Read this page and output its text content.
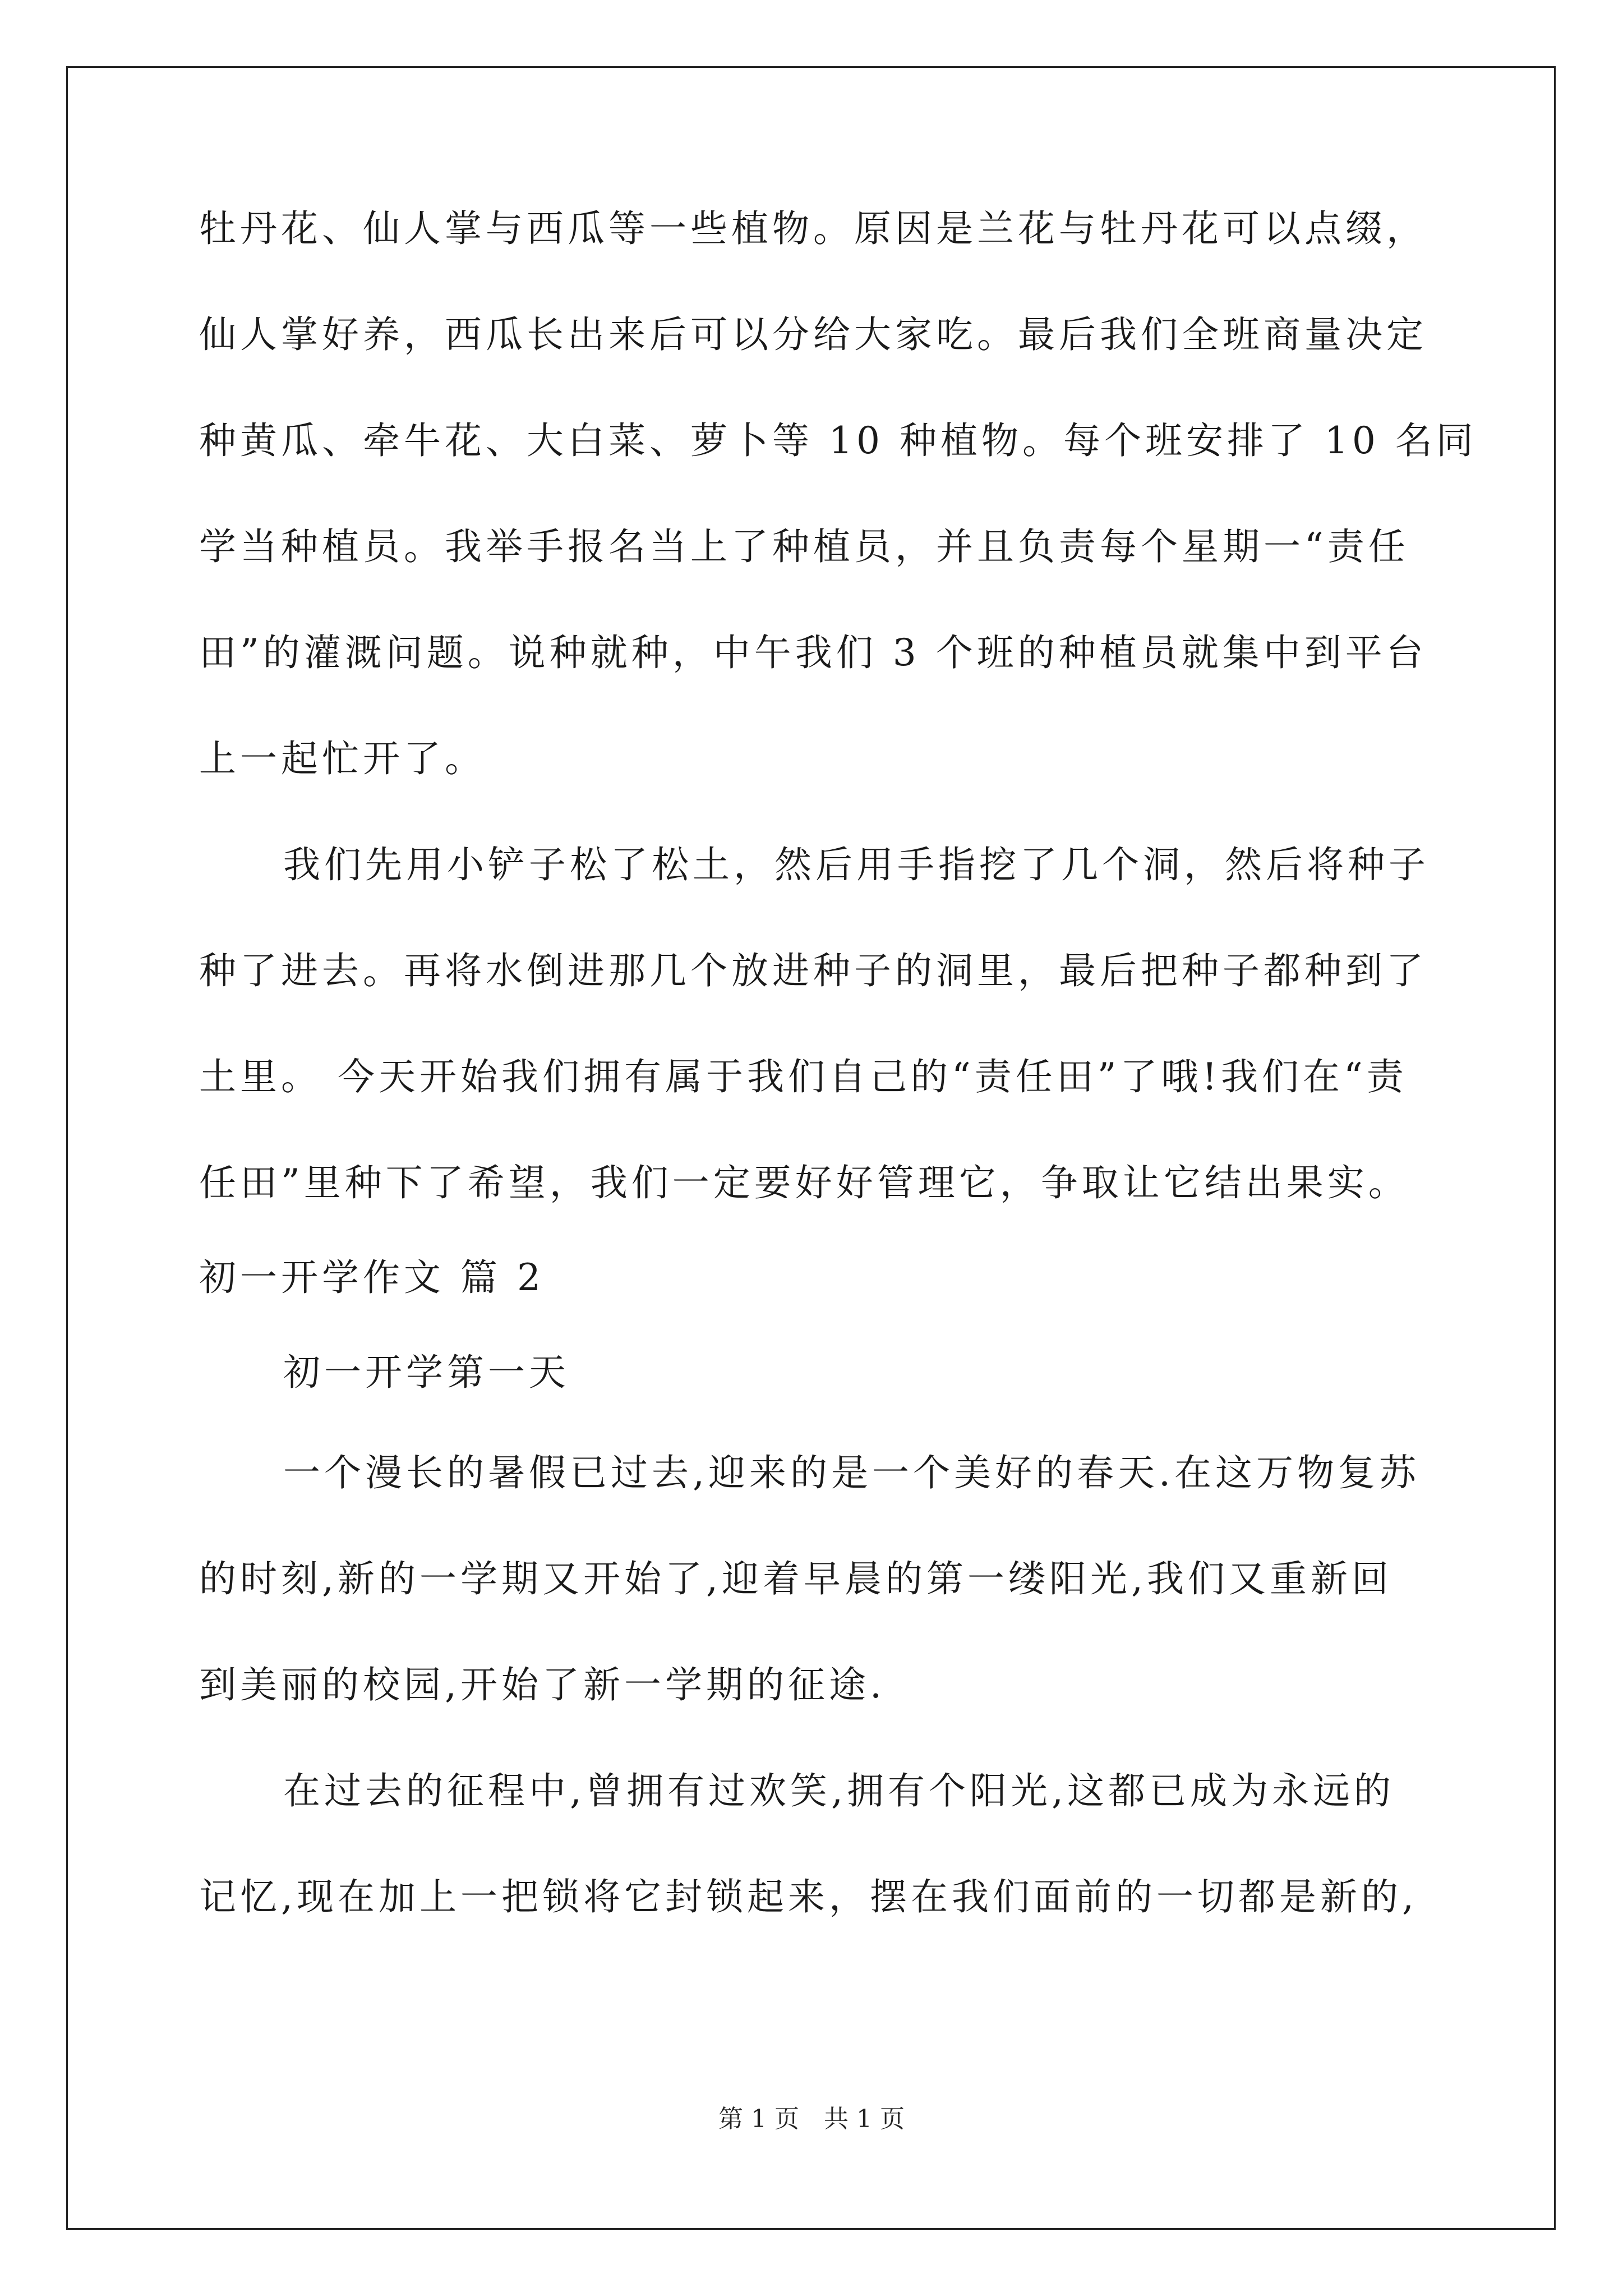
牡丹花、仙人掌与西瓜等一些植物。原因是兰花与牡丹花可以点缀，
仙人掌好养，西瓜长出来后可以分给大家吃。最后我们全班商量决定
种黄瓜、牵牛花、大白菜、萝卜等 10 种植物。每个班安排了 10 名同
学当种植员。我举手报名当上了种植员，并且负责每个星期一“责任
田”的灌溉问题。说种就种，中午我们 3 个班的种植员就集中到平台
上一起忙开了。
我们先用小铲子松了松土，然后用手指挖了几个洞，然后将种子
种了进去。再将水倒进那几个放进种子的洞里，最后把种子都种到了
土里。 今天开始我们拥有属于我们自己的“责任田”了哦!我们在“责
任田”里种下了希望，我们一定要好好管理它，争取让它结出果实。
初一开学作文 篇 2
初一开学第一天
一个漫长的暑假已过去,迎来的是一个美好的春天.在这万物复苏
的时刻,新的一学期又开始了,迎着早晨的第一缕阳光,我们又重新回
到美丽的校园,开始了新一学期的征途.
在过去的征程中,曾拥有过欢笑,拥有个阳光,这都已成为永远的
记忆,现在加上一把锁将它封锁起来，摆在我们面前的一切都是新的,
第 1 页　共 1 页
